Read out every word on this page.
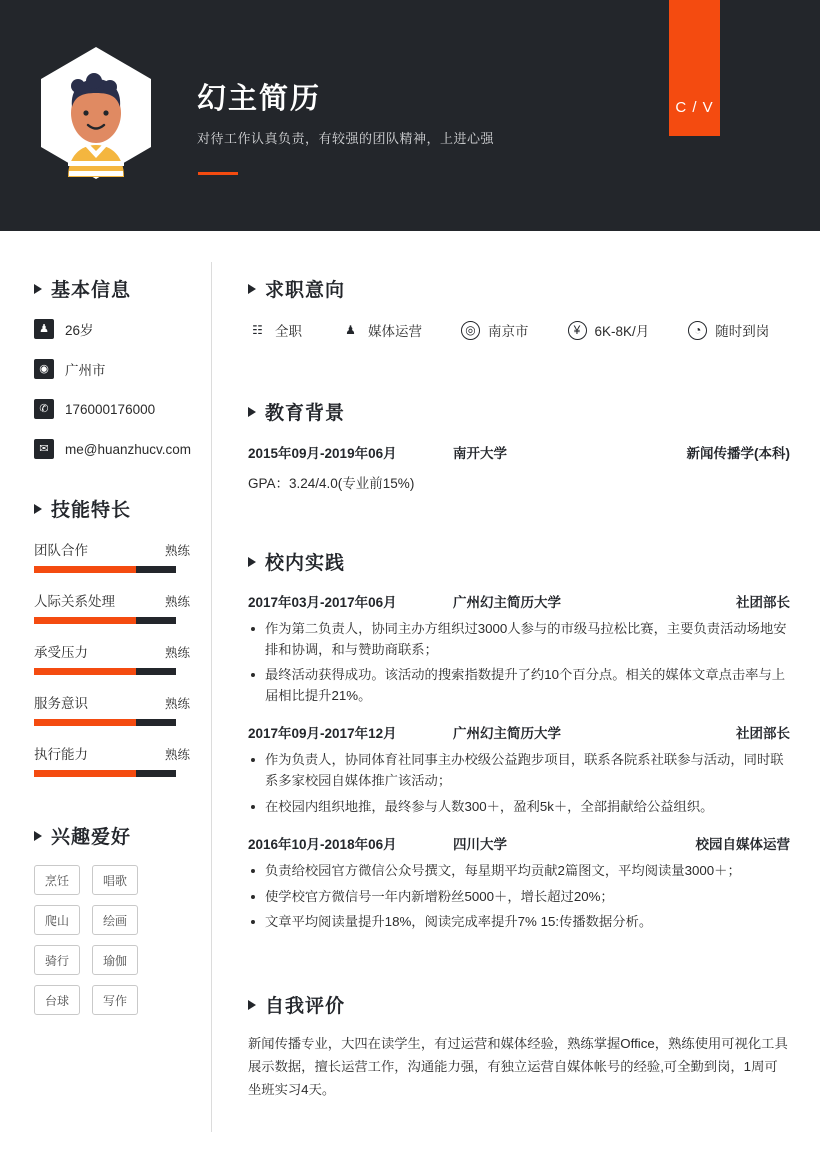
C / V
幻主简历
对待工作认真负责，有较强的团队精神，上进心强
基本信息
♟	26岁
◉	广州市
✆	176000176000
✉	me@huanzhucv.com
技能特长
团队合作	熟练
人际关系处理	熟练
承受压力	熟练
服务意识	熟练
执行能力	熟练
兴趣爱好
烹饪	唱歌
爬山	绘画
骑行	瑜伽
台球	写作
求职意向
☷ 全职	♟ 媒体运营	◎ 南京市	¥	6K-8K/月	◔	随时到岗
教育背景
2015年09月-2019年06月	南开大学	新闻传播学(本科)
GPA：3.24/4.0(专业前15%)
校内实践
2017年03月-2017年06月	广州幻主简历大学	社团部长
作为第二负责人，协同主办方组织过3000人参与的市级马拉松比赛，主要负责活动场地安排和协调，和与赞助商联系；
最终活动获得成功。该活动的搜索指数提升了约10个百分点。相关的媒体文章点击率与上届相比提升21%。
2017年09月-2017年12月	广州幻主简历大学	社团部长
作为负责人，协同体育社同事主办校级公益跑步项目，联系各院系社联参与活动，同时联系多家校园自媒体推广该活动；
在校园内组织地推，最终参与人数300＋，盈利5k＋，全部捐献给公益组织。
2016年10月-2018年06月	四川大学	校园自媒体运营
负责给校园官方微信公众号撰文，每星期平均贡献2篇图文，平均阅读量3000＋；
使学校官方微信号一年内新增粉丝5000＋，增长超过20%；
文章平均阅读量提升18%，阅读完成率提升7% 15:传播数据分析。
自我评价
新闻传播专业，大四在读学生，有过运营和媒体经验，熟练掌握Office，熟练使用可视化工具展示数据，擅长运营工作，沟通能力强，有独立运营自媒体帐号的经验,可全勤到岗，1周可坐班实习4天。
